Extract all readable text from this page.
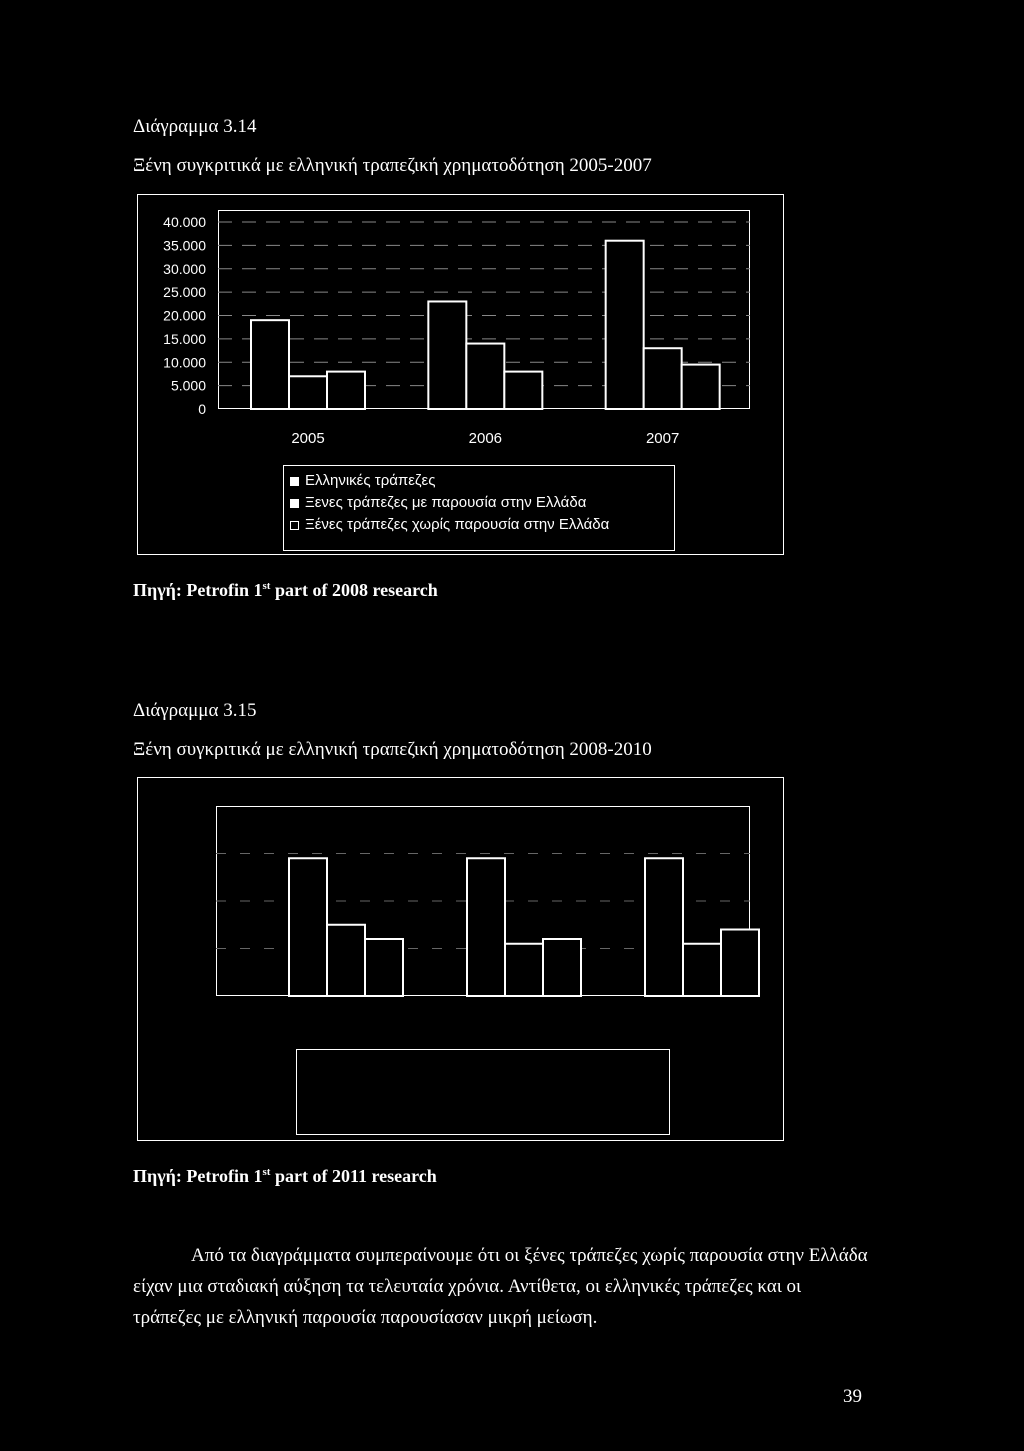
Διάγραμμα 3.14
Ξένη συγκριτικά με ελληνική τραπεζική χρηματοδότηση 2005-2007
40.000
35.000
30.000
25.000
20.000
15.000
10.000
5.000
0
2005	2006	2007
Ελληνικές τράπεζες
Ξενες τράπεζες με παρουσία στην Ελλάδα
Ξένες τράπεζες χωρίς παρουσία στην Ελλάδα
Πηγή: Petrofin 1st part of 2008 research
Διάγραμμα 3.15
Ξένη συγκριτικά με ελληνική τραπεζική χρηματοδότηση 2008-2010
Πηγή: Petrofin 1st part of 2011 research
Από τα διαγράμματα συμπεραίνουμε ότι οι ξένες τράπεζες χωρίς παρουσία στην Ελλάδα είχαν μια σταδιακή αύξηση τα τελευταία χρόνια. Αντίθετα, οι ελληνικές τράπεζες και οι τράπεζες με ελληνική παρουσία παρουσίασαν μικρή μείωση.
39
